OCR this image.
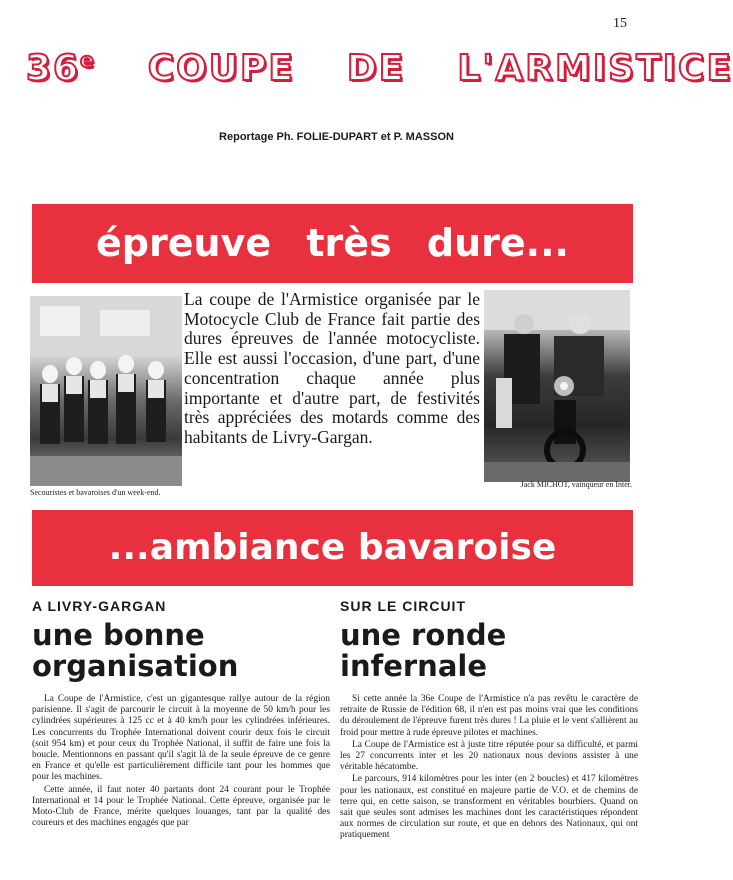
15
36e COUPE DE L'ARMISTICE
Reportage Ph. FOLIE-DUPART et P. MASSON
épreuve très dure...
La coupe de l'Armistice organisée par le Motocycle Club de France fait partie des dures épreuves de l'année motocycliste. Elle est aussi l'occasion, d'une part, d'une concentration chaque année plus importante et d'autre part, de festivités très appréciées des motards comme des habitants de Livry-Gargan.
Secouristes et bavaroises d'un week-end.
Jack MICHOT, vainqueur en Inter.
...ambiance bavaroise
A LIVRY-GARGAN
une bonne organisation

La Coupe de l'Armistice, c'est un gigantesque rallye autour de la région parisienne. Il s'agit de parcourir le circuit à la moyenne de 50 km/h pour les cylindrées supérieures à 125 cc et à 40 km/h pour les cylindrées inférieures. Les concurrents du Trophée International doivent courir deux fois le circuit (soit 954 km) et pour ceux du Trophée National, il suffit de faire une fois la boucle. Mentionnons en passant qu'il s'agit là de la seule épreuve de ce genre en France et qu'elle est particulièrement difficile tant pour les hommes que pour les machines.

Cette année, il faut noter 40 partants dont 24 courant pour le Trophée International et 14 pour le Trophée National. Cette épreuve, organisée par le Moto-Club de France, mérite quelques louanges, tant par la qualité des coureurs et des machines engagés que par

SUR LE CIRCUIT
une ronde infernale

Si cette année la 36e Coupe de l'Armistice n'a pas revêtu le caractère de retraite de Russie de l'édition 68, il n'en est pas moins vrai que les conditions du déroulement de l'épreuve furent très dures ! La pluie et le vent s'allièrent au froid pour mettre à rude épreuve pilotes et machines.

La Coupe de l'Armistice est à juste titre réputée pour sa difficulté, et parmi les 27 concurrents inter et les 20 nationaux nous devions assister à une véritable hécatombe.

Le parcours, 914 kilomètres pour les inter (en 2 boucles) et 417 kilomètres pour les nationaux, est constitué en majeure partie de V.O. et de chemins de terre qui, en cette saison, se transforment en véritables bourbiers. Quand on sait que seules sont admises les machines dont les caractéristiques répondent aux normes de circulation sur route, et que en dehors des Nationaux, qui ont pratiquement
